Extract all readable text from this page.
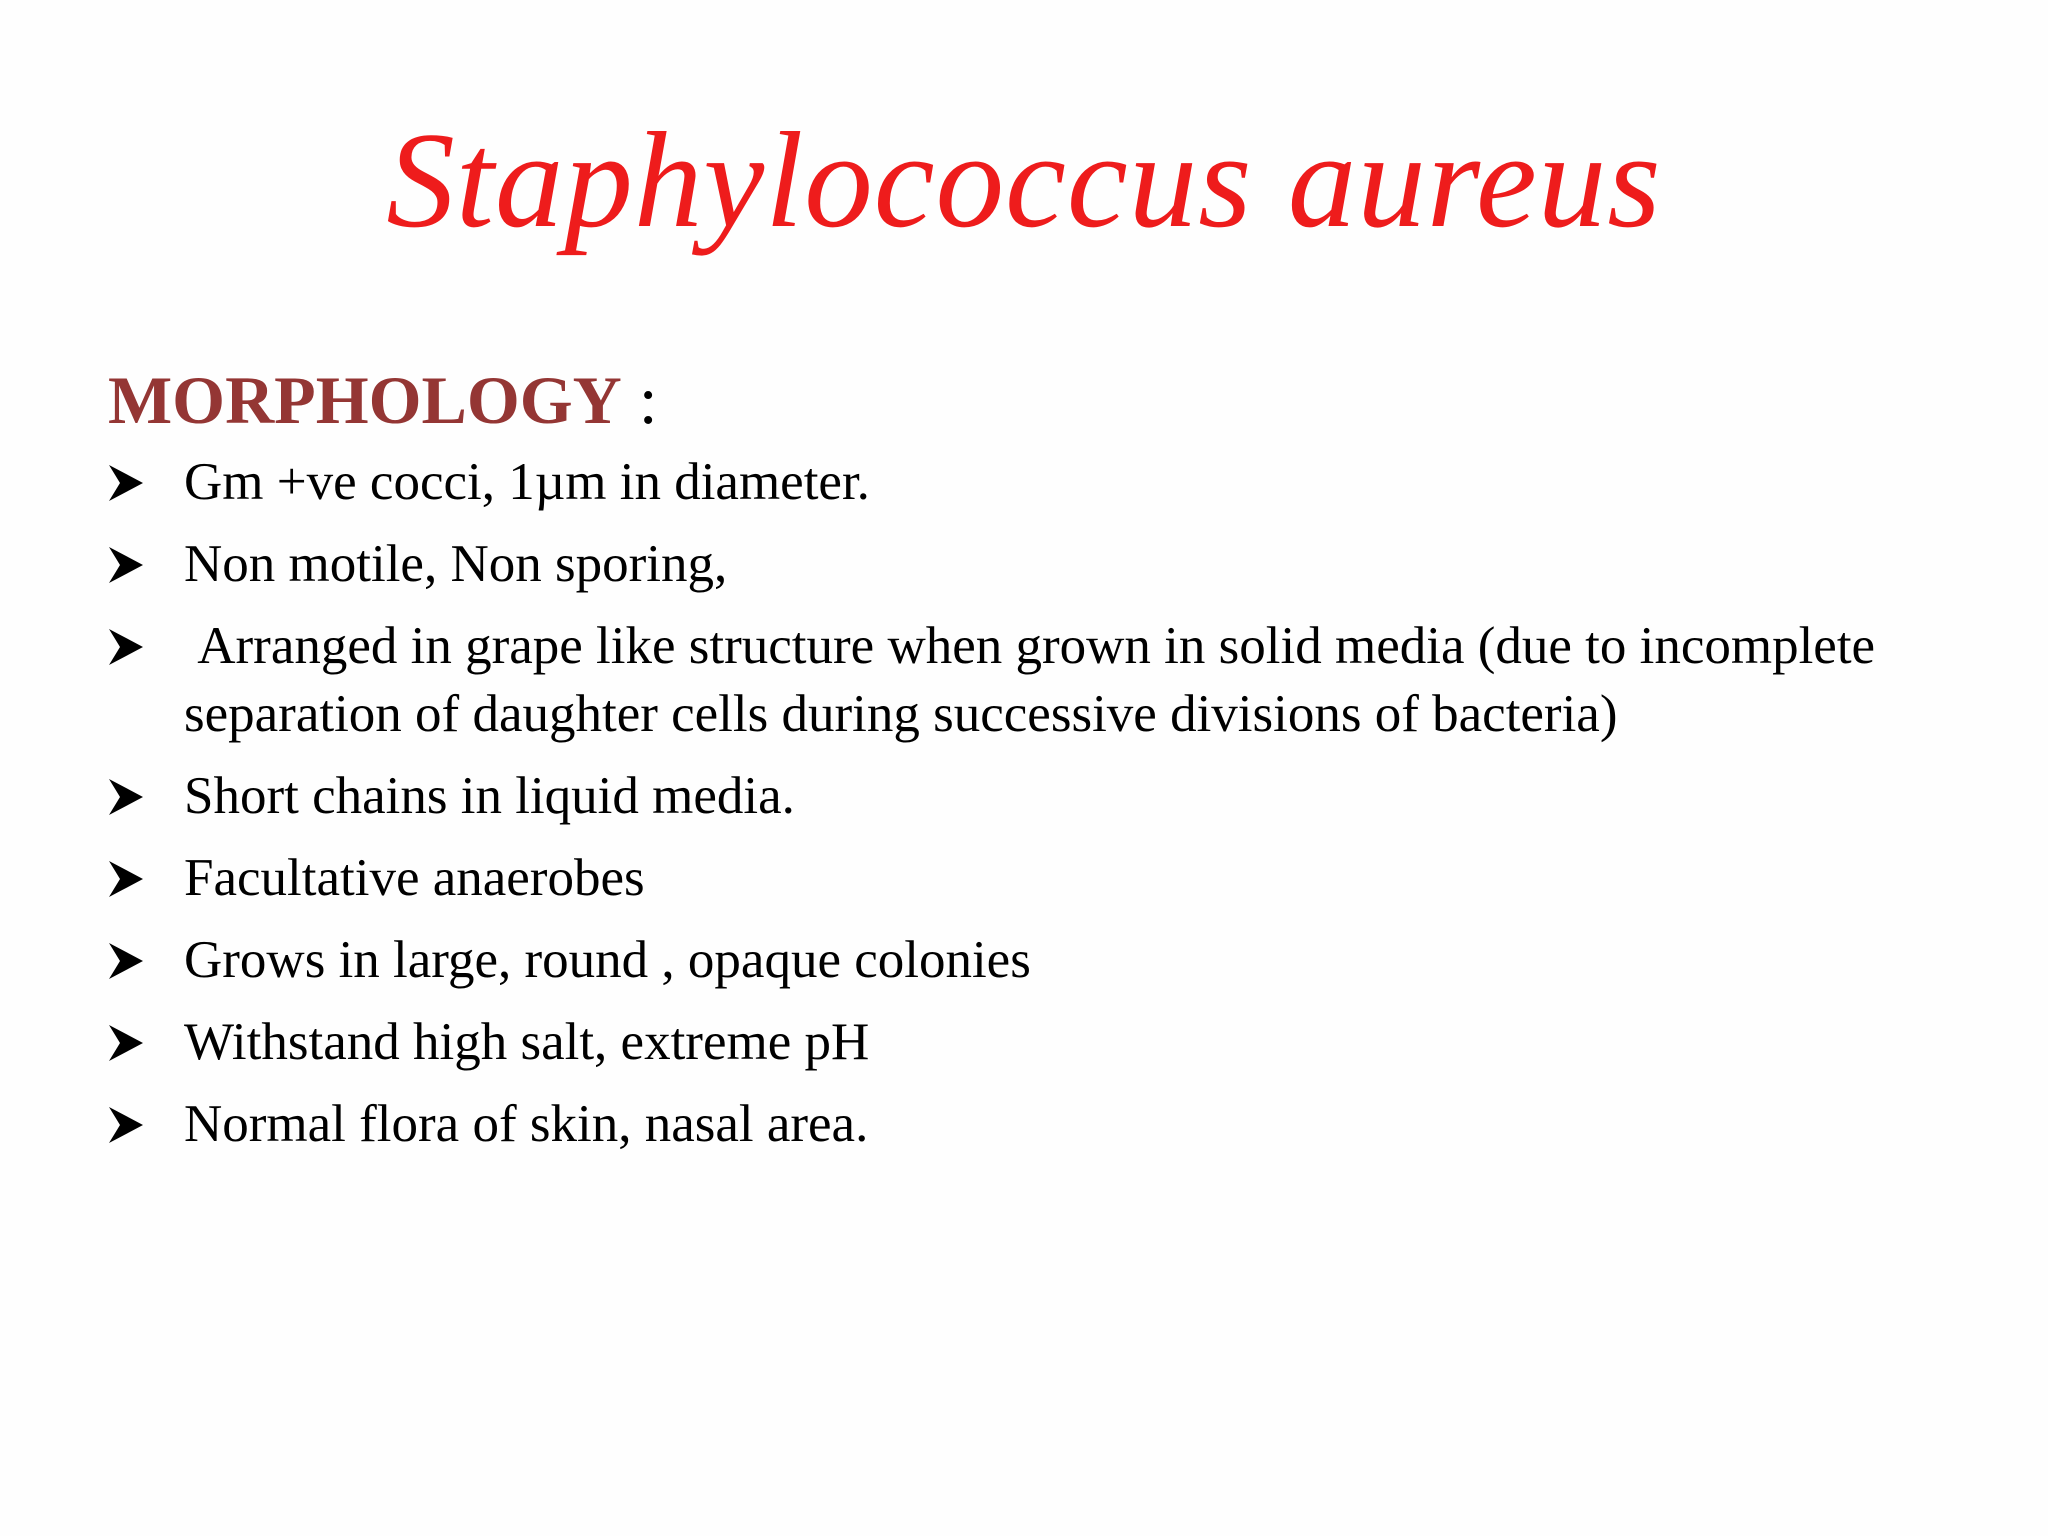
Staphylococcus aureus
MORPHOLOGY :
Gm +ve cocci, 1µm in diameter.
Non motile, Non sporing,
Arranged in grape like structure when grown in solid media (due to incomplete separation of daughter cells during successive divisions of bacteria)
Short chains in liquid media.
Facultative anaerobes
Grows in large, round , opaque colonies
Withstand high salt, extreme pH
Normal flora of skin, nasal area.
